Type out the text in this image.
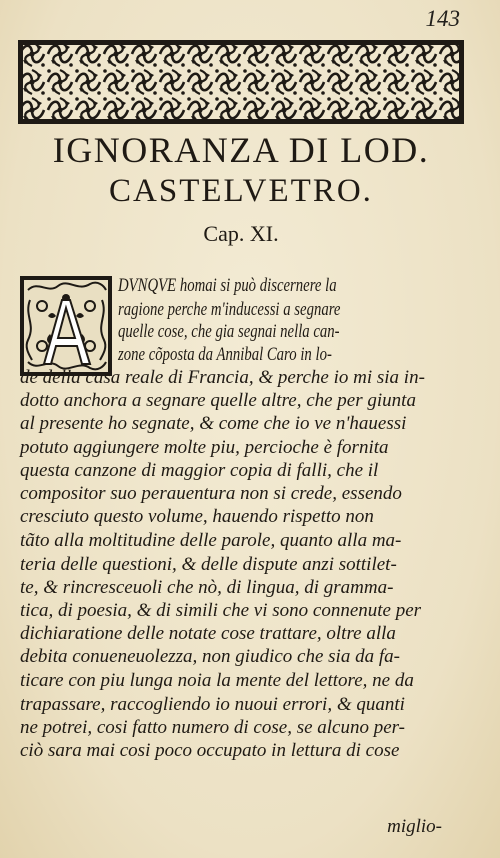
143
IGNORANZA DI LOD.
CASTELVETRO.
Cap. XI.
DVNQVE homai si può discernere la
ragione perche m'inducessi a segnare
quelle cose, che gia segnai nella can-
zone cõposta da Annibal Caro in lo-
de della casa reale di Francia, & perche io mi sia in-
dotto anchora a segnare quelle altre, che per giunta
al presente ho segnate, & come che io ve n'hauessi
potuto aggiungere molte piu, percioche è fornita
questa canzone di maggior copia di falli, che il
compositor suo perauentura non si crede, essendo
cresciuto questo volume, hauendo rispetto non
tãto alla moltitudine delle parole, quanto alla ma-
teria delle questioni, & delle dispute anzi sottilet-
te, & rincresceuoli che nò, di lingua, di gramma-
tica, di poesia, & di simili che vi sono connenute per
dichiaratione delle notate cose trattare, oltre alla
debita conueneuolezza, non giudico che sia da fa-
ticare con piu lunga noia la mente del lettore, ne da
trapassare, raccogliendo io nuoui errori, & quanti
ne potrei, cosi fatto numero di cose, se alcuno per-
ciò sara mai cosi poco occupato in lettura di cose
miglio-
